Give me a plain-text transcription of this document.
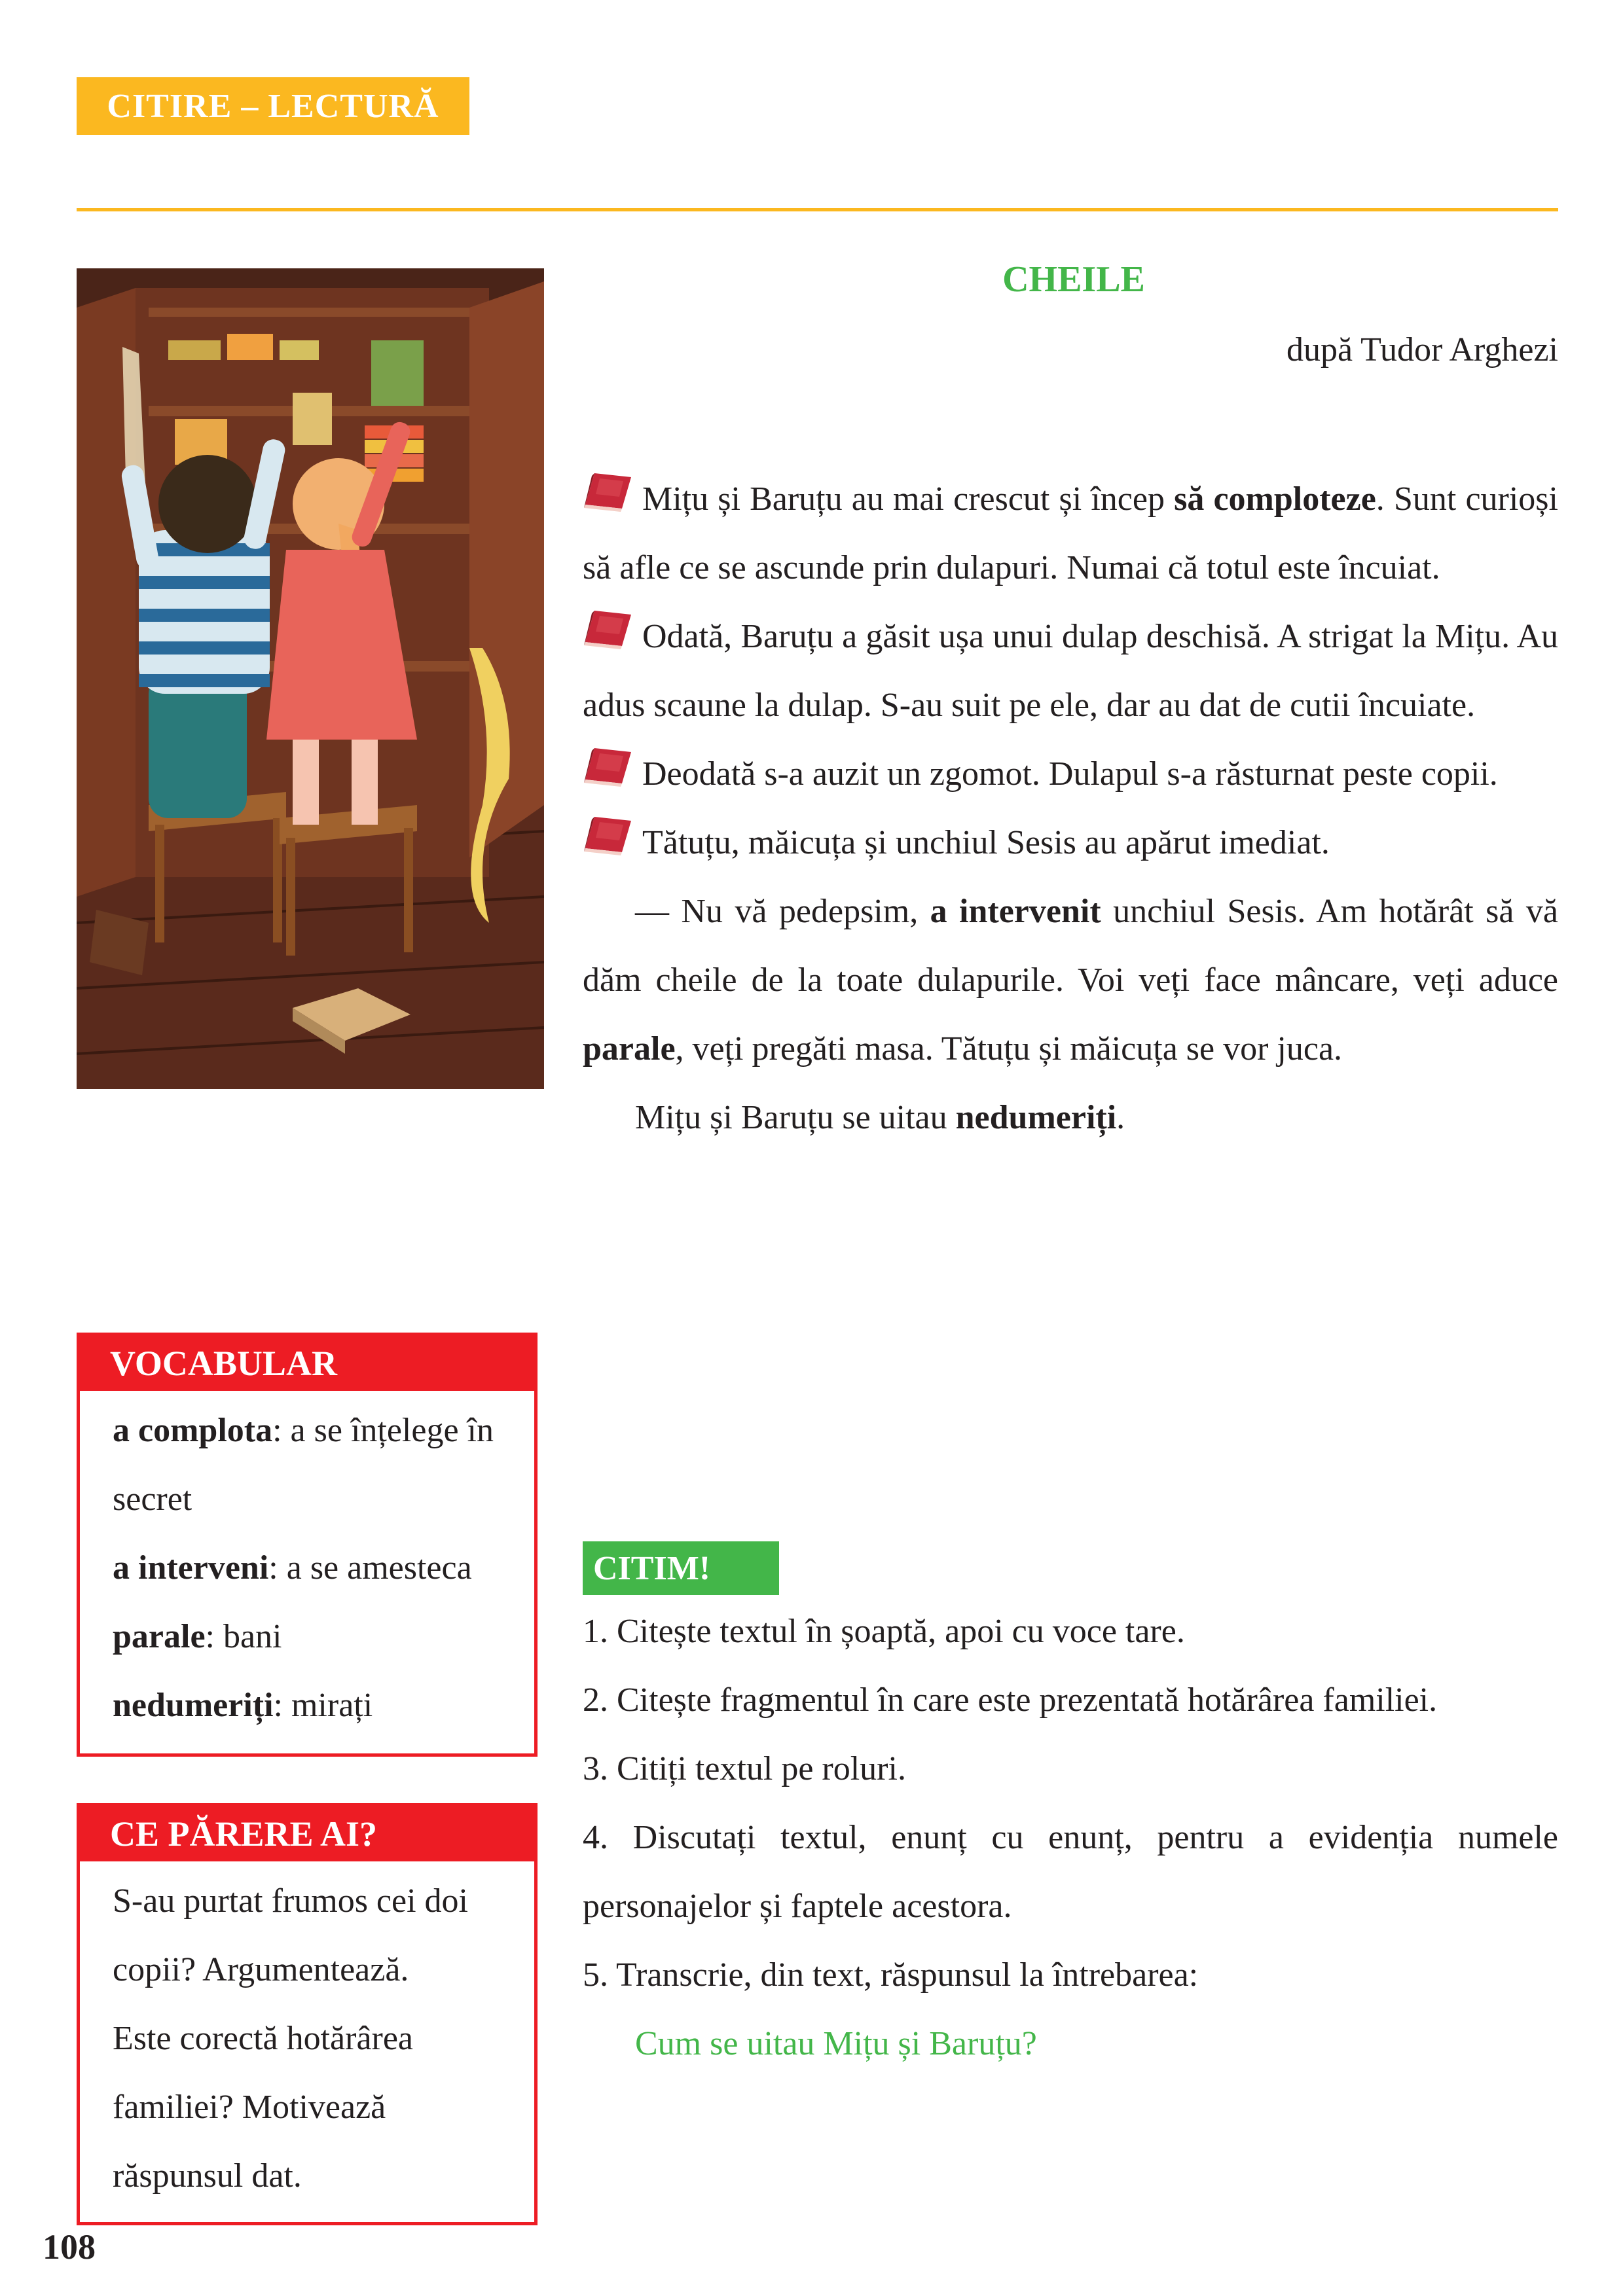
CITIRE – LECTURĂ
CHEILE
după Tudor Arghezi

Mițu și Baruțu au mai crescut și încep să comploteze. Sunt curioși să afle ce se ascunde prin dulapuri. Numai că totul este încuiat.

Odată, Baruțu a găsit ușa unui dulap deschisă. A strigat la Mițu. Au adus scaune la dulap. S-au suit pe ele, dar au dat de cutii încuiate.

Deodată s-a auzit un zgomot. Dulapul s-a răsturnat peste copii.

Tătuțu, măicuța și unchiul Sesis au apărut imediat.

— Nu vă pedepsim, a intervenit unchiul Sesis. Am hotărât să vă dăm cheile de la toate dulapurile. Voi veți face mâncare, veți aduce parale, veți pregăti masa. Tătuțu și măicuța se vor juca.

Mițu și Baruțu se uitau nedumeriți.

CITIM!

1. Citește textul în șoaptă, apoi cu voce tare.

2. Citește fragmentul în care este prezentată hotărârea familiei.

3. Citiți textul pe roluri.

4. Discutați textul, enunț cu enunț, pentru a evidenția numele personajelor și faptele acestora.

5. Transcrie, din text, răspunsul la întrebarea:

Cum se uitau Mițu și Baruțu?

VOCABULAR

a complota: a se înțelege în secret

a interveni: a se amesteca

parale: bani

nedumeriți: mirați

CE PĂRERE AI?

S-au purtat frumos cei doi copii? Argumentează.

Este corectă hotărârea familiei? Motivează răspunsul dat.

108
